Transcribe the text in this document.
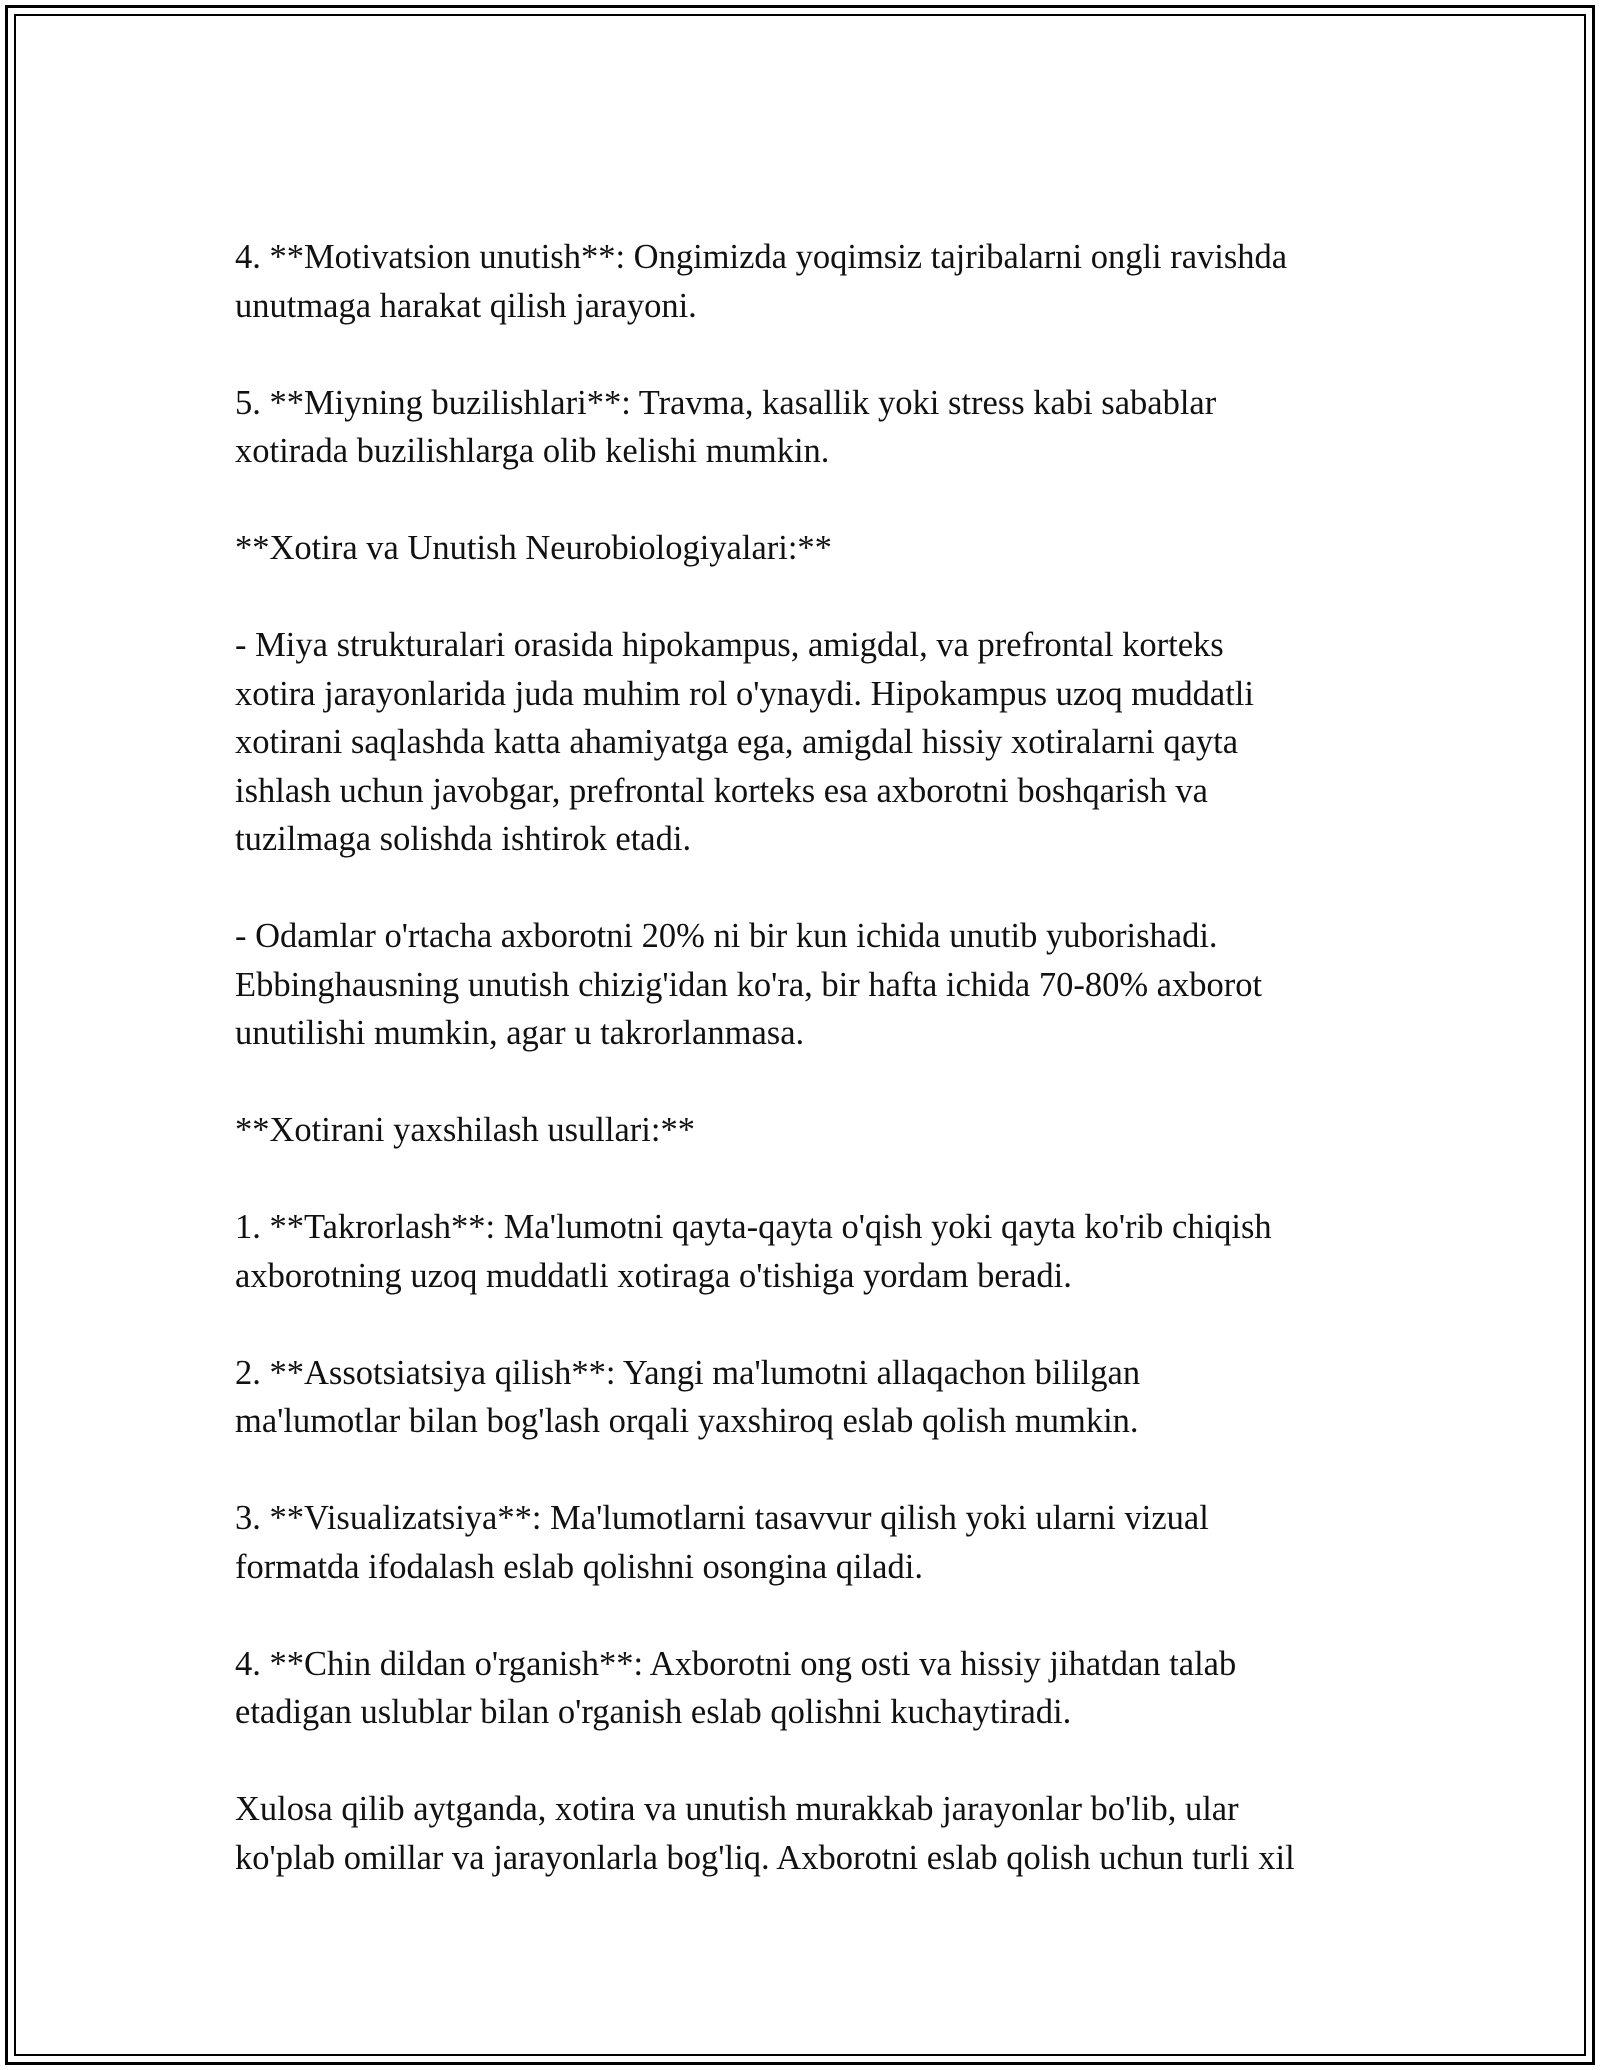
4. **Motivatsion unutish**: Ongimizda yoqimsiz tajribalarni ongli ravishda
unutmaga harakat qilish jarayoni.

5. **Miyning buzilishlari**: Travma, kasallik yoki stress kabi sabablar
xotirada buzilishlarga olib kelishi mumkin.

**Xotira va Unutish Neurobiologiyalari:**

- Miya strukturalari orasida hipokampus, amigdal, va prefrontal korteks
xotira jarayonlarida juda muhim rol o'ynaydi. Hipokampus uzoq muddatli
xotirani saqlashda katta ahamiyatga ega, amigdal hissiy xotiralarni qayta
ishlash uchun javobgar, prefrontal korteks esa axborotni boshqarish va
tuzilmaga solishda ishtirok etadi.

- Odamlar o'rtacha axborotni 20% ni bir kun ichida unutib yuborishadi.
Ebbinghausning unutish chizig'idan ko'ra, bir hafta ichida 70-80% axborot
unutilishi mumkin, agar u takrorlanmasa.

**Xotirani yaxshilash usullari:**

1. **Takrorlash**: Ma'lumotni qayta-qayta o'qish yoki qayta ko'rib chiqish
axborotning uzoq muddatli xotiraga o'tishiga yordam beradi.

2. **Assotsiatsiya qilish**: Yangi ma'lumotni allaqachon bililgan
ma'lumotlar bilan bog'lash orqali yaxshiroq eslab qolish mumkin.

3. **Visualizatsiya**: Ma'lumotlarni tasavvur qilish yoki ularni vizual
formatda ifodalash eslab qolishni osongina qiladi.

4. **Chin dildan o'rganish**: Axborotni ong osti va hissiy jihatdan talab
etadigan uslublar bilan o'rganish eslab qolishni kuchaytiradi.

Xulosa qilib aytganda, xotira va unutish murakkab jarayonlar bo'lib, ular
ko'plab omillar va jarayonlarla bog'liq. Axborotni eslab qolish uchun turli xil
